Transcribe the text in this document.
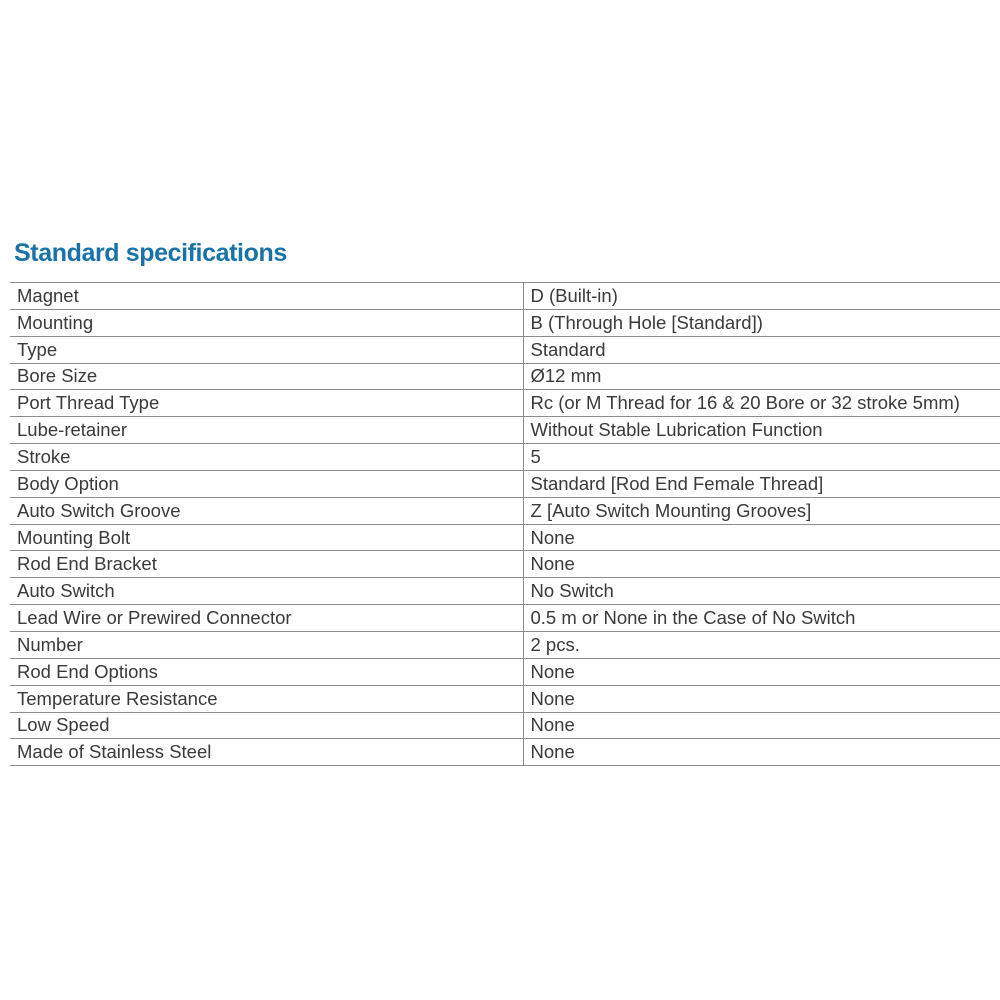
Standard specifications
Magnet	D (Built-in)
Mounting	B (Through Hole [Standard])
Type	Standard
Bore Size	Ø12 mm
Port Thread Type	Rc (or M Thread for 16 & 20 Bore or 32 stroke 5mm)
Lube-retainer	Without Stable Lubrication Function
Stroke	5
Body Option	Standard [Rod End Female Thread]
Auto Switch Groove	Z [Auto Switch Mounting Grooves]
Mounting Bolt	None
Rod End Bracket	None
Auto Switch	No Switch
Lead Wire or Prewired Connector	0.5 m or None in the Case of No Switch
Number	2 pcs.
Rod End Options	None
Temperature Resistance	None
Low Speed	None
Made of Stainless Steel	None
